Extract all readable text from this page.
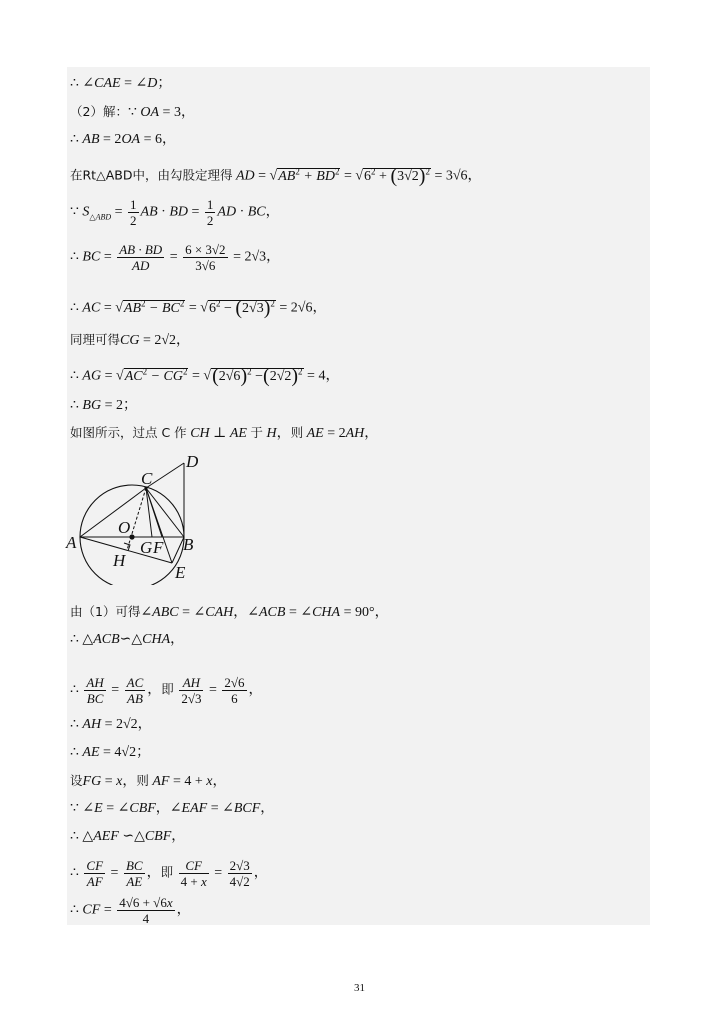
∴ ∠CAE = ∠D；
（2）解：∵ OA = 3，
∴ AB = 2OA = 6，
在Rt△ABD中，由勾股定理得 AD = $√AB^2 + BD^2 = √6^2 + (3√2)^2 = 3√6$，
∵ $S_{\triangle ABD} = \frac{1}{2}$ AB · BD = $\frac{1}{2}$ AD · BC，
∴ BC = $\frac{AB \cdot BD}{AD} = \frac{6 \times 3√2}{3√6} = 2√3$，
∴ AC = $√AB^2 - BC^2 = √6^2 - (2√3)^2 = 2√6$，
同理可得CG = 2√2，
∴ AG = $√AC^2 - CG^2 = √(2√6)^2 -(2√2)^2 = 4$，
∴ BG = 2；
如图所示，过点 C 作 CH ⊥ AE 于 H，则 AE = 2AH，
D
C
O
A	G F B
H
E
由（1）可得∠ABC = ∠CAH，∠ACB = ∠CHA = 90°，
∴ △ACB∽△CHA，
∴ $\frac{AH}{BC} = \frac{AC}{AB}$ ，即 $\frac{AH}{2√3} = \frac{2√6}{6}$ ，
∴ AH = 2√2，
∴ AE = 4√2；
设FG = x，则 AF = 4 + x，
∵ ∠E = ∠CBF，∠EAF = ∠BCF，
∴ △AEF ∽△CBF，
∴ $\frac{CF}{AF} = \frac{BC}{AE}$ ，即 $\frac{CF}{4 + x} = \frac{2√3}{4√2}$ ，
∴ CF = $\frac{4√6 + √6x}{4}$ ，
31
